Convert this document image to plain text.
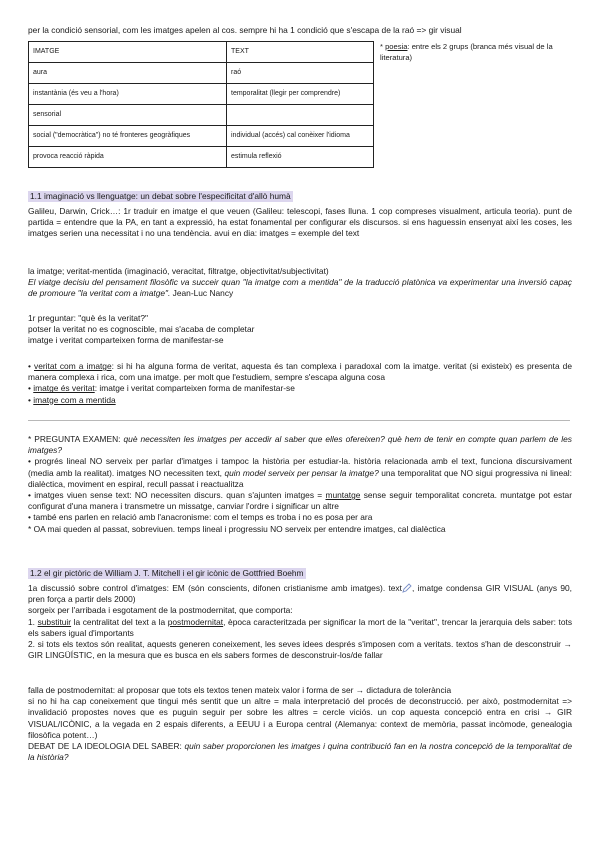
per la condició sensorial, com les imatges apelen al cos. sempre hi ha 1 condició que s'escapa de la raó => gir visual

IMATGE	TEXT
aura	raó
instantània (és veu a l'hora)	temporalitat (llegir per comprendre)
sensorial	
social ("democràtica") no té fronteres geogràfiques	individual (accés) cal conèixer l'idioma
provoca reacció ràpida	estimula reflexió

* poesia: entre els 2 grups (branca més visual de la literatura)

1.1 imaginació vs llenguatge: un debat sobre l'especificitat d'allò humà

Galileu, Darwin, Crick…: 1r traduir en imatge el que veuen (Galileu: telescopi, fases lluna. 1 cop compreses visualment, articula teoria). punt de partida = entendre que la PA, en tant a expressió, ha estat fonamental per configurar els discursos. si ens haguessin ensenyat així les coses, les imatges serien una necessitat i no una tendència. avui en dia: imatges = exemple del text

la imatge; veritat-mentida (imaginació, veracitat, filtratge, objectivitat/subjectivitat)

El viatge decisiu del pensament filosòfic va succeir quan "la imatge com a mentida" de la traducció platònica va experimentar una inversió capaç de promoure "la veritat com a imatge". Jean-Luc Nancy

1r preguntar: "què és la veritat?"

potser la veritat no es cognoscible, mai s'acaba de completar

imatge i veritat comparteixen forma de manifestar-se

• veritat com a imatge: si hi ha alguna forma de veritat, aquesta és tan complexa i paradoxal com la imatge. veritat (si existeix) es presenta de manera complexa i rica, com una imatge. per molt que l'estudiem, sempre s'escapa alguna cosa

• imatge és veritat: imatge i veritat comparteixen forma de manifestar-se

• imatge com a mentida

* PREGUNTA EXAMEN: què necessiten les imatges per accedir al saber que elles ofereixen? què hem de tenir en compte quan parlem de les imatges?

• progrés lineal NO serveix per parlar d'imatges i tampoc la història per estudiar-la. història relacionada amb el text, funciona discursivament (media amb la realitat). imatges NO necessiten text, quin model serveix per pensar la imatge? una temporalitat que NO sigui progressiva ni lineal: dialèctica, moviment en espiral, recull passat i reactualitza

• imatges viuen sense text: NO necessiten discurs. quan s'ajunten imatges = muntatge sense seguir temporalitat concreta. muntatge pot estar configurat d'una manera i transmetre un missatge, canviar l'ordre i significar un altre

• també ens parlen en relació amb l'anacronisme: com el temps es troba i no es posa per ara

* OA mai queden al passat, sobreviuen. temps lineal i progressiu NO serveix per entendre imatges, cal dialèctica

1.2 el gir pictòric de William J. T. Mitchell i el gir icònic de Gottfried Boehm

1a discussió sobre control d'imatges: EM (són conscients, difonen cristianisme amb imatges). text , imatge condensa GIR VISUAL (anys 90, pren força a partir dels 2000)

sorgeix per l'arribada i esgotament de la postmodernitat, que comporta:

1. substituir la centralitat del text a la postmodernitat, època caracteritzada per significar la mort de la "veritat", trencar la jerarquia dels saber: tots els sabers igual d'importants

2. si tots els textos són realitat, aquests generen coneixement, les seves idees després s'imposen com a veritats. textos s'han de desconstruir → GIR LINGÜÍSTIC, en la mesura que es busca en els sabers formes de desconstruir-los/de fallar

falla de postmodernitat: al proposar que tots els textos tenen mateix valor i forma de ser → dictadura de tolerància

si no hi ha cap coneixement que tingui més sentit que un altre = mala interpretació del procés de deconstrucció. per això, postmodernitat => invalidació propostes noves que es puguin seguir per sobre les altres = cercle viciós. un cop aquesta concepció entra en crisi → GIR VISUAL/ICÒNIC, a la vegada en 2 espais diferents, a EEUU i a Europa central (Alemanya: context de memòria, passat incòmode, genealogia filosòfica potent…)

DEBAT DE LA IDEOLOGIA DEL SABER: quin saber proporcionen les imatges i quina contribució fan en la nostra concepció de la temporalitat de la història?
